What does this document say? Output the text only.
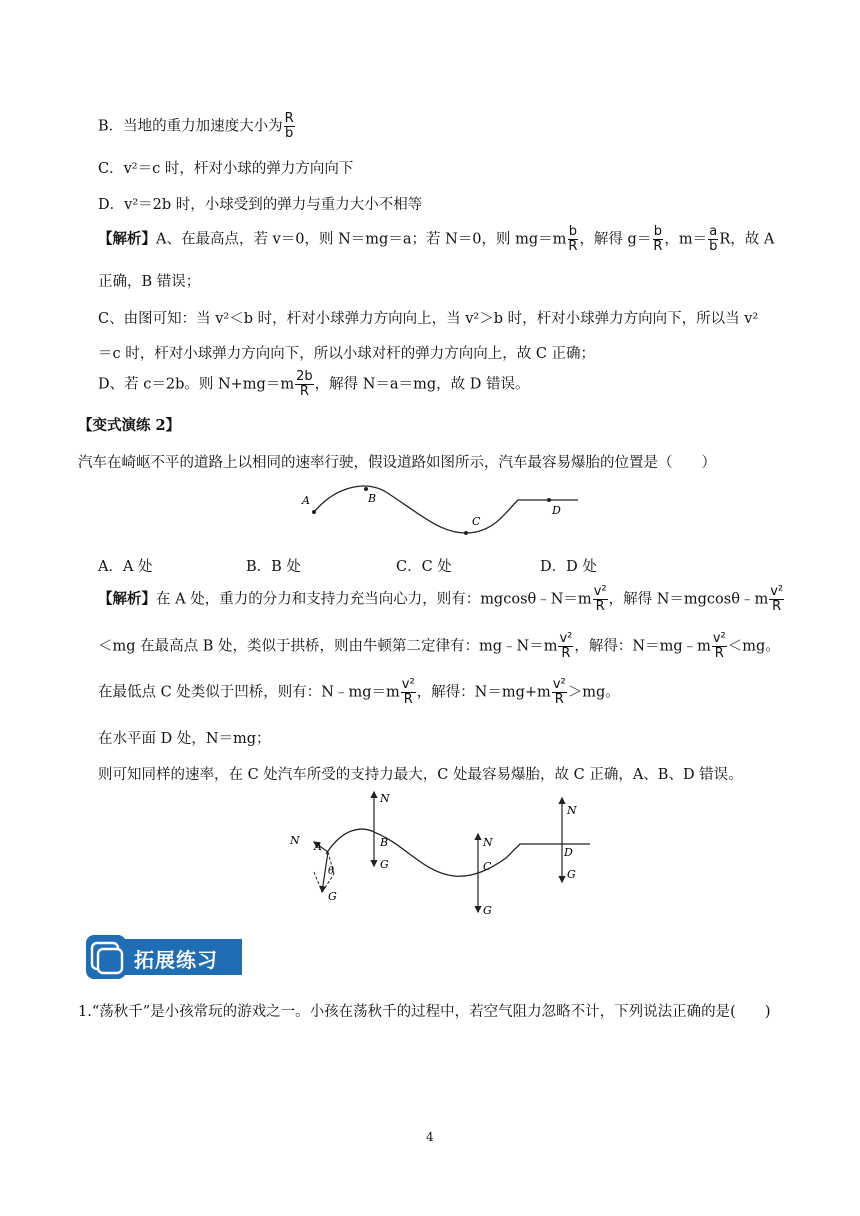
B．当地的重力加速度大小为 $\frac{R}{b}$
C．v²＝c 时，杆对小球的弹力方向向下
D．v²＝2b 时，小球受到的弹力与重力大小不相等
【解析】A、在最高点，若 v＝0，则 N＝mg＝a；若 N＝0，则 $mg=m \frac{b}{R}$ ，解得 $g= \frac{b}{R}$ ，$m= \frac{a}{b}$ R，故 A
正确，B 错误；
C、由图可知：当 v²＜b 时，杆对小球弹力方向向上，当 v²＞b 时，杆对小球弹力方向向下，所以当 v²
＝c 时，杆对小球弹力方向向下，所以小球对杆的弹力方向向上，故 C 正确；
D、若 c＝2b。则 $N+mg=m \frac{2b}{R}$ ，解得 N＝a＝mg，故 D 错误。
【变式演练 2】
汽车在崎岖不平的道路上以相同的速率行驶，假设道路如图所示，汽车最容易爆胎的位置是（　　）
A	B
C
D
A．A 处	B．B 处	C．C 处	D．D 处
【解析】在 A 处，重力的分力和支持力充当向心力，则有：mgcosθ﹣N＝m $\frac{\text{v²}}{R}$ ，解得 N＝mgcosθ﹣m $\frac{\text{v²}}{R}$
＜mg 在最高点 B 处，类似于拱桥，则由牛顿第二定律有：mg﹣N＝m $\frac{\text{v²}}{R}$ ，解得：N＝mg﹣m $\frac{\text{v²}}{R} <mg$。
在最低点 C 处类似于凹桥，则有：N﹣mg＝m $\frac{\text{v²}}{R}$ ，解得：$N=mg+m \frac{\text{v²}}{R} >mg$。
在水平面 D 处，N＝mg；
则可知同样的速率，在 C 处汽车所受的支持力最大，C 处最容易爆胎，故 C 正确，A、B、D 错误。
N A
θ
G
N
B
G
N
C
G
N
D
G
拓展练习
1.“荡秋千”是小孩常玩的游戏之一。小孩在荡秋千的过程中，若空气阻力忽略不计，下列说法正确的是(　　)
4
